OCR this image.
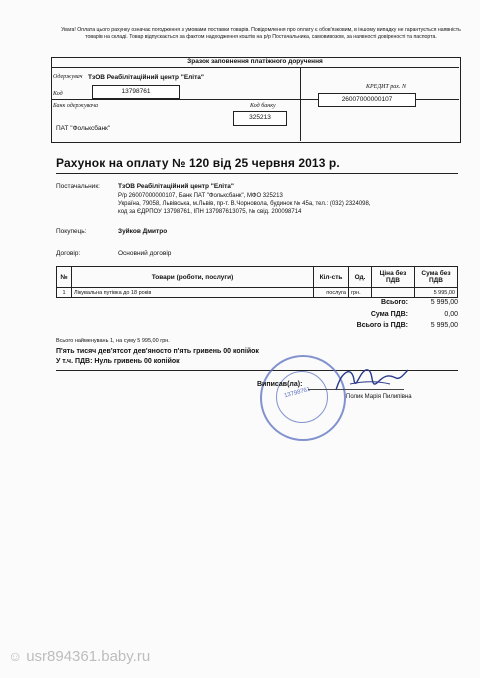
Увага! Оплата цього рахунку означає погодження з умовами поставки товарів. Повідомлення про оплату є обов'язковим, в іншому випадку не гарантується наявність товарів на складі. Товар відпускається за фактом надходження коштів на р/р Постачальника, самовивозом, за наявності довіреності та паспорта.
Зразок заповнення платіжного доручення
Одержувач ТзОВ Реабілітаційний центр "Еліта"
Код	13798761
КРЕДИТ рах. N
26007000000107
Банк одержувача	Код банку
ПАТ "Фолькcбанк"
325213
Рахунок на оплату № 120 від 25 червня 2013 р.
Постачальник:	ТзОВ Реабілітаційний центр "Еліта"
Р/р 26007000000107, Банк ПАТ "Фолькcбанк", МФО 325213
Україна, 79058, Львівська, м.Львів, пр-т. В.Чорновола, будинок № 45а, тел.: (032) 2324098,
код за ЄДРПОУ 13798761, ІПН 137987613075, № свід. 200098714
Покупець:	Зуйков Дмитро
Договір:	Основний договір
№	Товари (роботи, послуги)	Кіл-сть	Од.	Ціна без ПДВ	Сума без ПДВ
1	Лікувальна путівка до 18 років	послуга	грн.		5 995,00
Всього:	5 995,00
Сума ПДВ:	0,00
Всього із ПДВ:	5 995,00
Всього найменувань 1, на суму 5 995,00 грн.
П'ять тисяч дев'ятсот дев'яносто п'ять гривень 00 копійок
У т.ч. ПДВ: Нуль гривень 00 копійок
13798761
Виписав(ла):
Полик Марія Пилипівна
☺ usr894361.baby.ru
